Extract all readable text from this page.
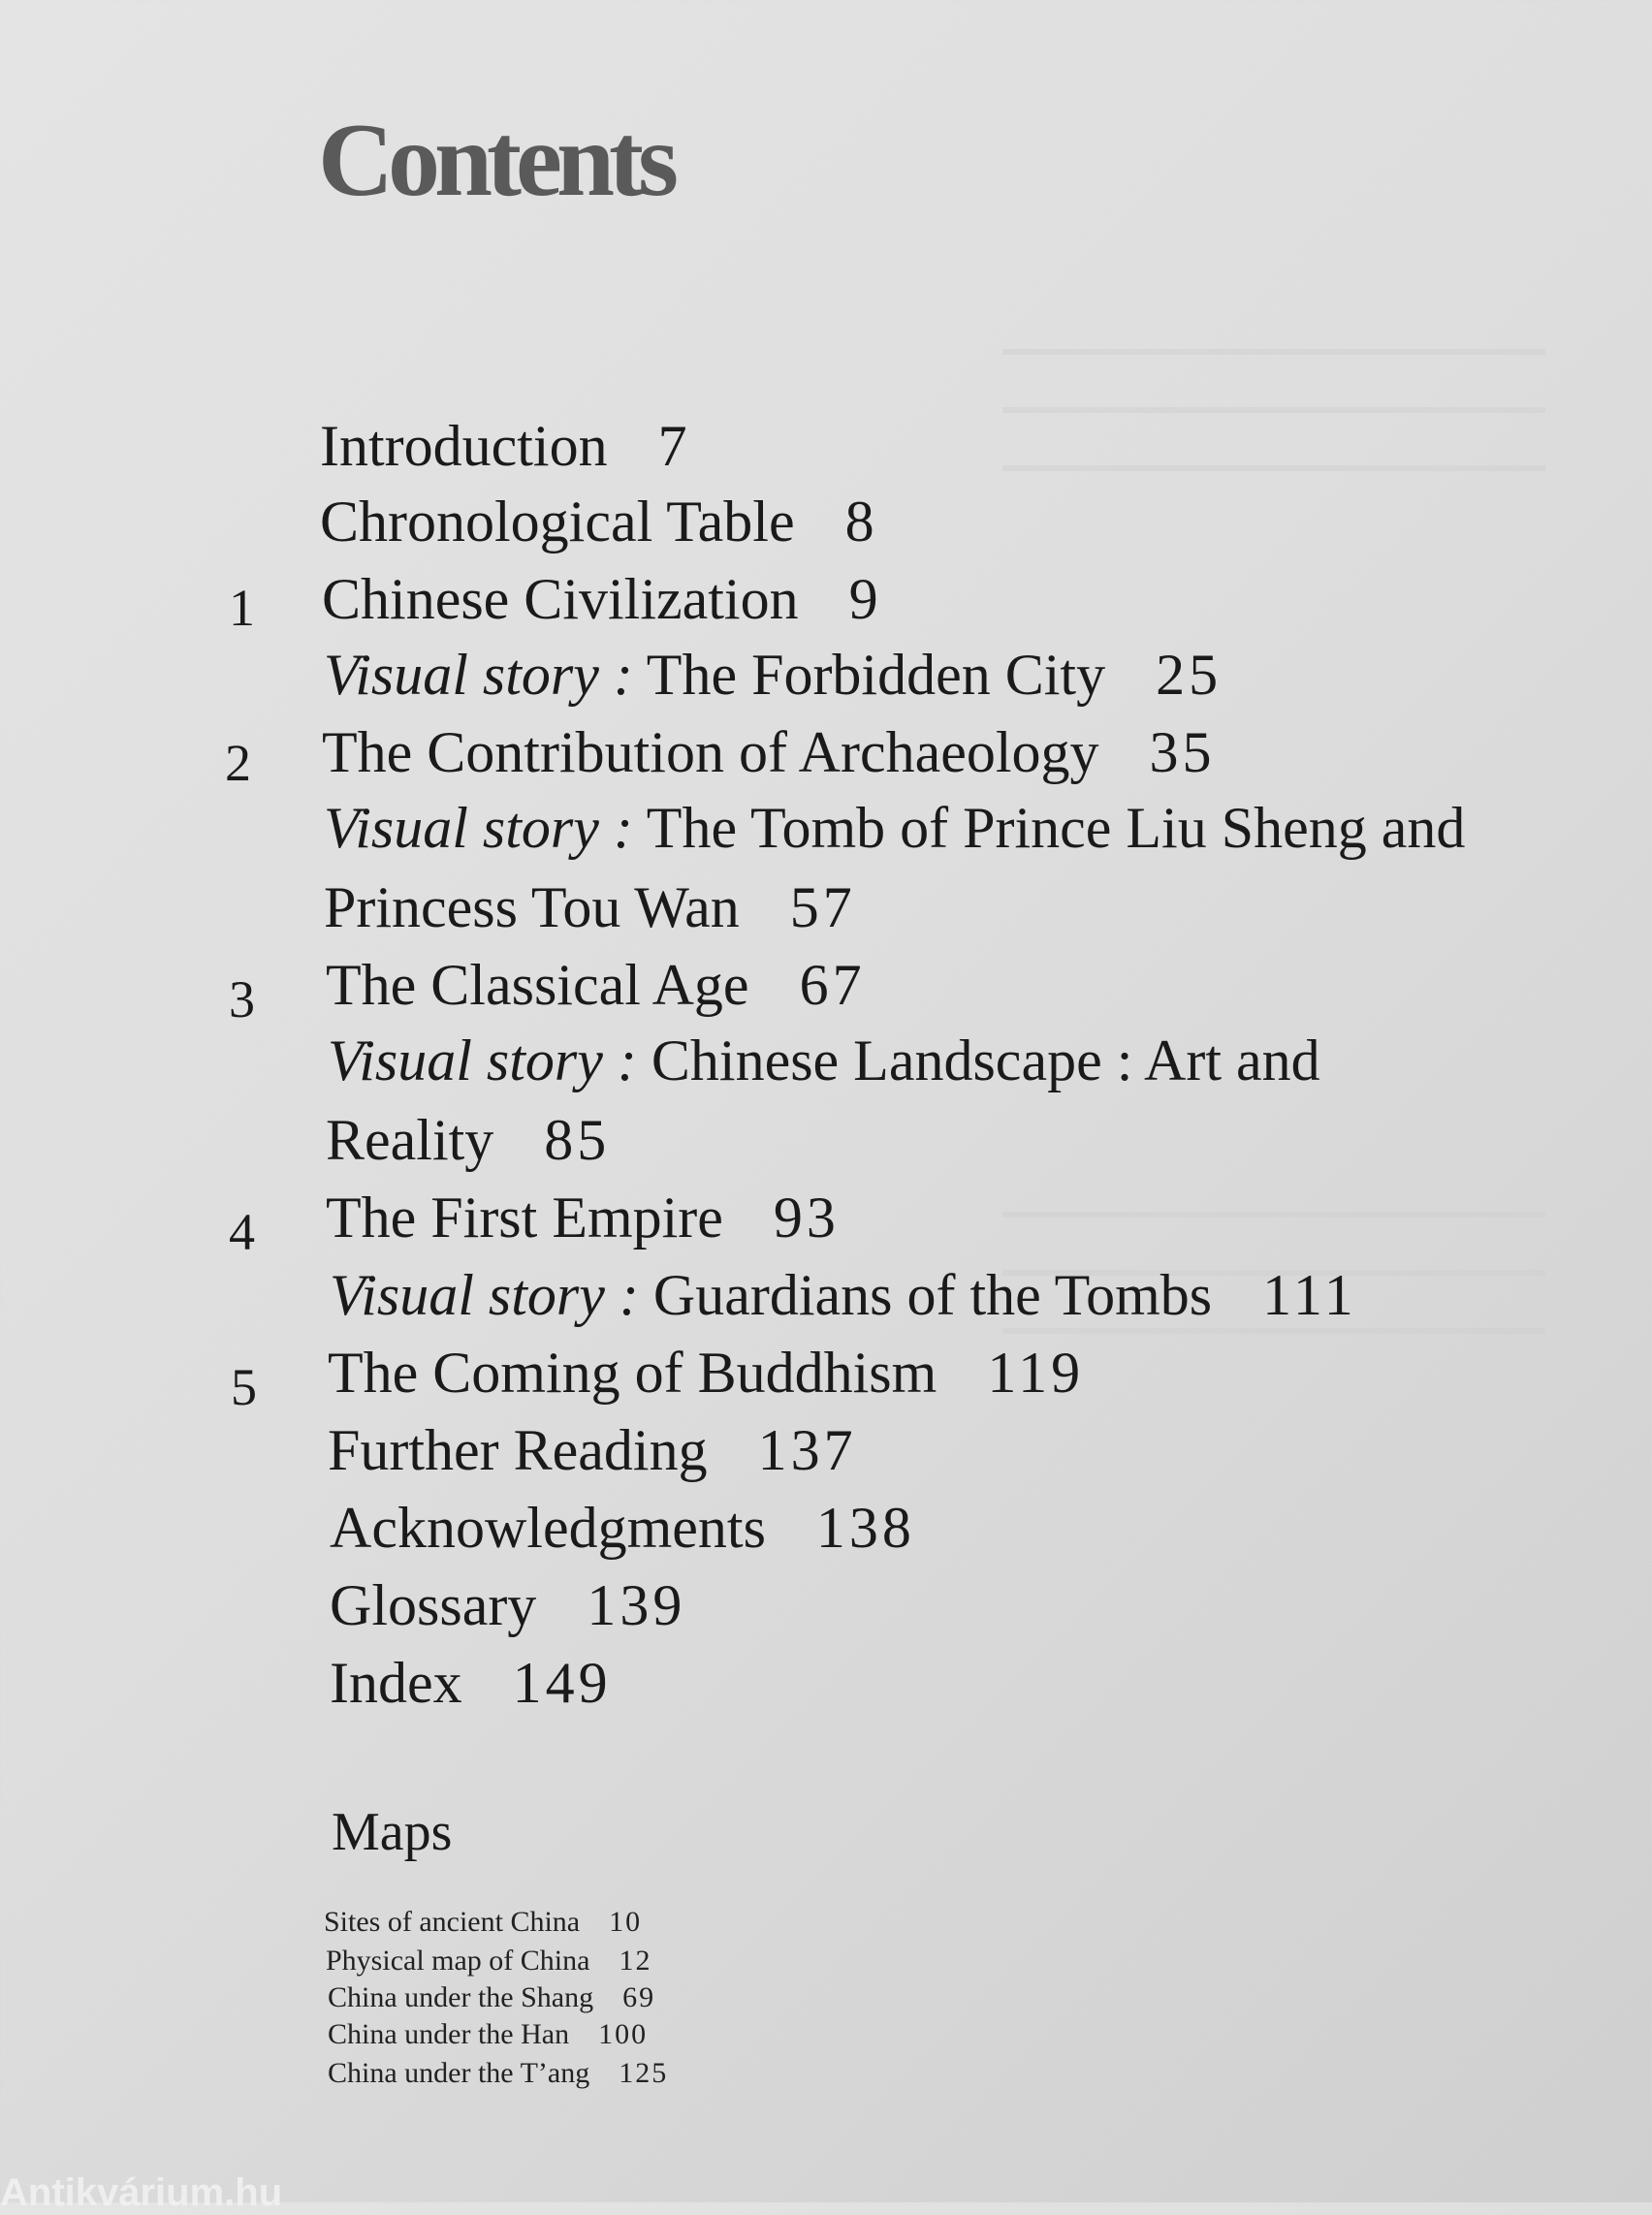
Contents
Introduction 7
Chronological Table 8
1 Chinese Civilization 9
Visual story : The Forbidden City 25
2 The Contribution of Archaeology 35
Visual story : The Tomb of Prince Liu Sheng and
Princess Tou Wan 57
3 The Classical Age 67
Visual story : Chinese Landscape : Art and
Reality 85
4 The First Empire 93
Visual story : Guardians of the Tombs 111
5 The Coming of Buddhism 119
Further Reading 137
Acknowledgments 138
Glossary 139
Index 149
Maps
Sites of ancient China 10
Physical map of China 12
China under the Shang 69
China under the Han 100
China under the T’ang 125
Antikvárium.hu
